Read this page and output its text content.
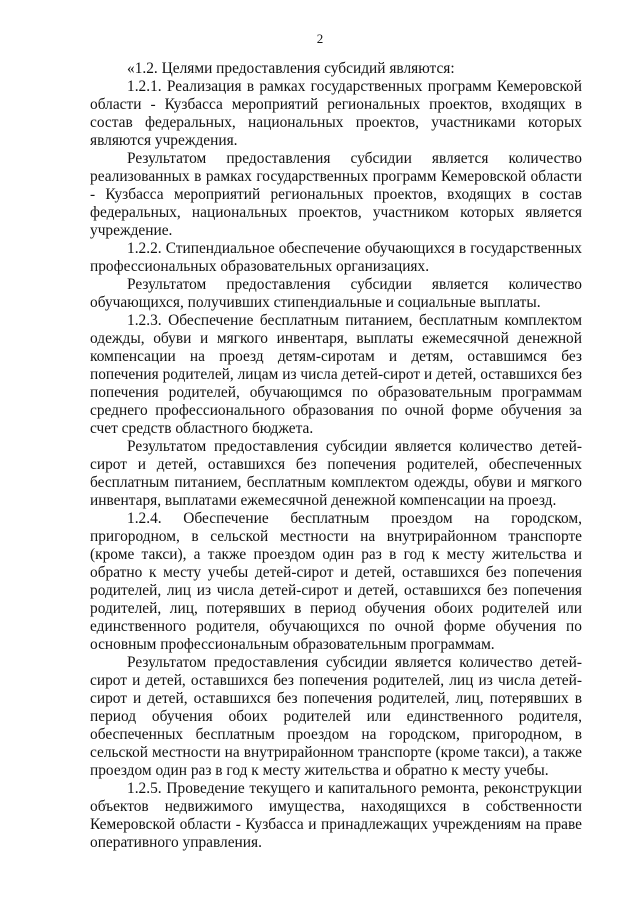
2

«1.2. Целями предоставления субсидий являются:

1.2.1. Реализация в рамках государственных программ Кемеровской области - Кузбасса мероприятий региональных проектов, входящих в состав федеральных, национальных проектов, участниками которых являются учреждения.

Результатом предоставления субсидии является количество реализованных в рамках государственных программ Кемеровской области - Кузбасса мероприятий региональных проектов, входящих в состав федеральных, национальных проектов, участником которых является учреждение.

1.2.2. Стипендиальное обеспечение обучающихся в государственных профессиональных образовательных организациях.

Результатом предоставления субсидии является количество обучающихся, получивших стипендиальные и социальные выплаты.

1.2.3. Обеспечение бесплатным питанием, бесплатным комплектом одежды, обуви и мягкого инвентаря, выплаты ежемесячной денежной компенсации на проезд детям-сиротам и детям, оставшимся без попечения родителей, лицам из числа детей-сирот и детей, оставшихся без попечения родителей, обучающимся по образовательным программам среднего профессионального образования по очной форме обучения за счет средств областного бюджета.

Результатом предоставления субсидии является количество детей-сирот и детей, оставшихся без попечения родителей, обеспеченных бесплатным питанием, бесплатным комплектом одежды, обуви и мягкого инвентаря, выплатами ежемесячной денежной компенсации на проезд.

1.2.4. Обеспечение бесплатным проездом на городском, пригородном, в сельской местности на внутрирайонном транспорте (кроме такси), а также проездом один раз в год к месту жительства и обратно к месту учебы детей-сирот и детей, оставшихся без попечения родителей, лиц из числа детей-сирот и детей, оставшихся без попечения родителей, лиц, потерявших в период обучения обоих родителей или единственного родителя, обучающихся по очной форме обучения по основным профессиональным образовательным программам.

Результатом предоставления субсидии является количество детей-сирот и детей, оставшихся без попечения родителей, лиц из числа детей-сирот и детей, оставшихся без попечения родителей, лиц, потерявших в период обучения обоих родителей или единственного родителя, обеспеченных бесплатным проездом на городском, пригородном, в сельской местности на внутрирайонном транспорте (кроме такси), а также проездом один раз в год к месту жительства и обратно к месту учебы.

1.2.5. Проведение текущего и капитального ремонта, реконструкции объектов недвижимого имущества, находящихся в собственности Кемеровской области - Кузбасса и принадлежащих учреждениям на праве оперативного управления.
